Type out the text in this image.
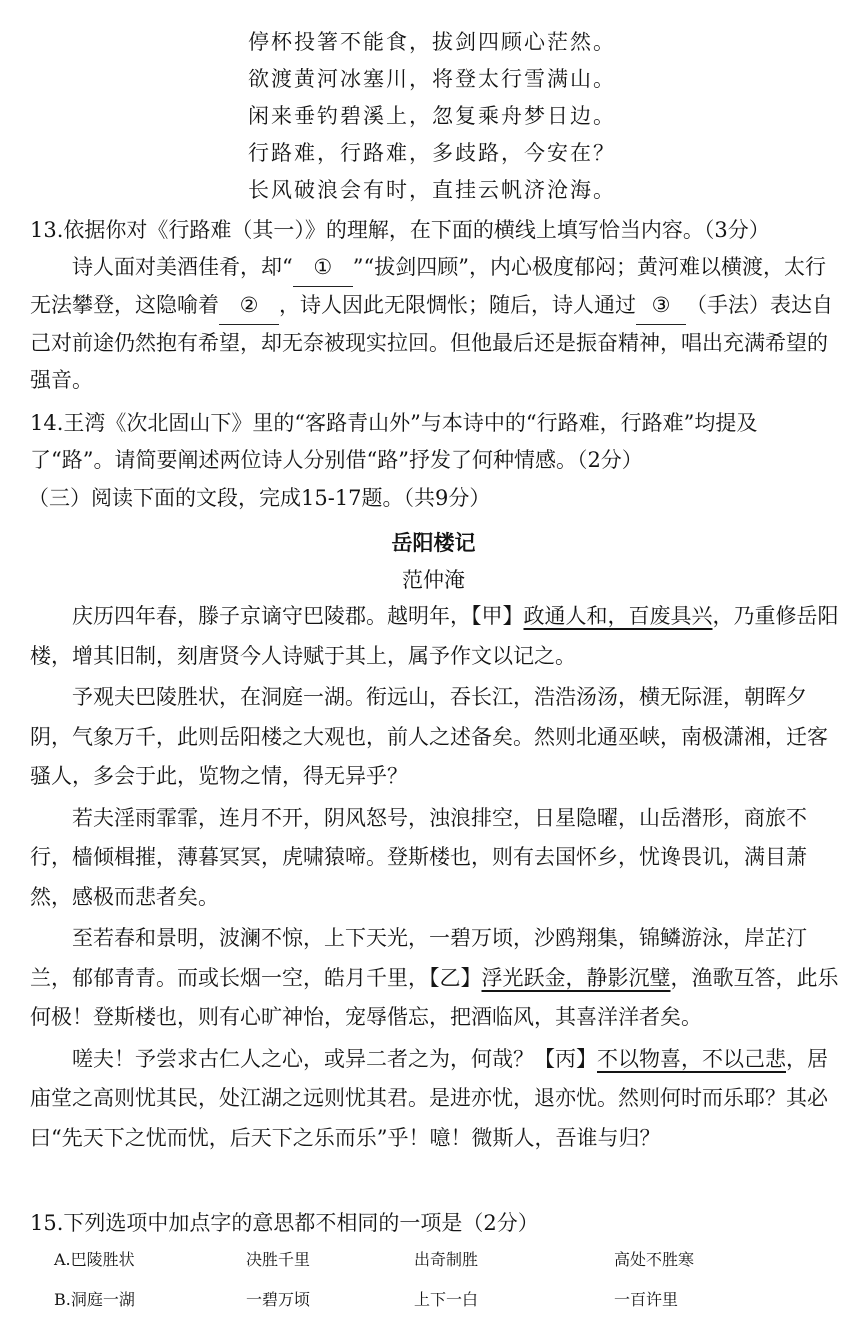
停杯投箸不能食，拔剑四顾心茫然。
欲渡黄河冰塞川，将登太行雪满山。
闲来垂钓碧溪上，忽复乘舟梦日边。
行路难，行路难，多歧路，今安在？
长风破浪会有时，直挂云帆济沧海。

13.依据你对《行路难（其一）》的理解，在下面的横线上填写恰当内容。（3分）

诗人面对美酒佳肴，却“ ① ”“拔剑四顾”，内心极度郁闷；黄河难以横渡，太行无法攀登，这隐喻着 ② ，诗人因此无限惆怅；随后，诗人通过 ③ （手法）表达自己对前途仍然抱有希望，却无奈被现实拉回。但他最后还是振奋精神，唱出充满希望的强音。

14.王湾《次北固山下》里的“客路青山外”与本诗中的“行路难，行路难”均提及了“路”。请简要阐述两位诗人分别借“路”抒发了何种情感。（2分）

（三）阅读下面的文段，完成15-17题。（共9分）

岳阳楼记
范仲淹

庆历四年春，滕子京谪守巴陵郡。越明年，【甲】政通人和，百废具兴，乃重修岳阳楼，增其旧制，刻唐贤今人诗赋于其上，属予作文以记之。

予观夫巴陵胜状，在洞庭一湖。衔远山，吞长江，浩浩汤汤，横无际涯，朝晖夕阴，气象万千，此则岳阳楼之大观也，前人之述备矣。然则北通巫峡，南极潇湘，迁客骚人，多会于此，览物之情，得无异乎？

若夫淫雨霏霏，连月不开，阴风怒号，浊浪排空，日星隐曜，山岳潜形，商旅不行，樯倾楫摧，薄暮冥冥，虎啸猿啼。登斯楼也，则有去国怀乡，忧谗畏讥，满目萧然，感极而悲者矣。

至若春和景明，波澜不惊，上下天光，一碧万顷，沙鸥翔集，锦鳞游泳，岸芷汀兰，郁郁青青。而或长烟一空，皓月千里，【乙】浮光跃金，静影沉璧，渔歌互答，此乐何极！登斯楼也，则有心旷神怡，宠辱偕忘，把酒临风，其喜洋洋者矣。

嗟夫！予尝求古仁人之心，或异二者之为，何哉？【丙】不以物喜，不以己悲，居庙堂之高则忧其民，处江湖之远则忧其君。是进亦忧，退亦忧。然则何时而乐耶？其必曰“先天下之忧而忧，后天下之乐而乐”乎！噫！微斯人，吾谁与归？

15.下列选项中加点字的意思都不相同的一项是（2分）

A.巴陵胜状	决胜千里	出奇制胜	高处不胜寒
B.洞庭一湖	一碧万顷	上下一白	一百许里
